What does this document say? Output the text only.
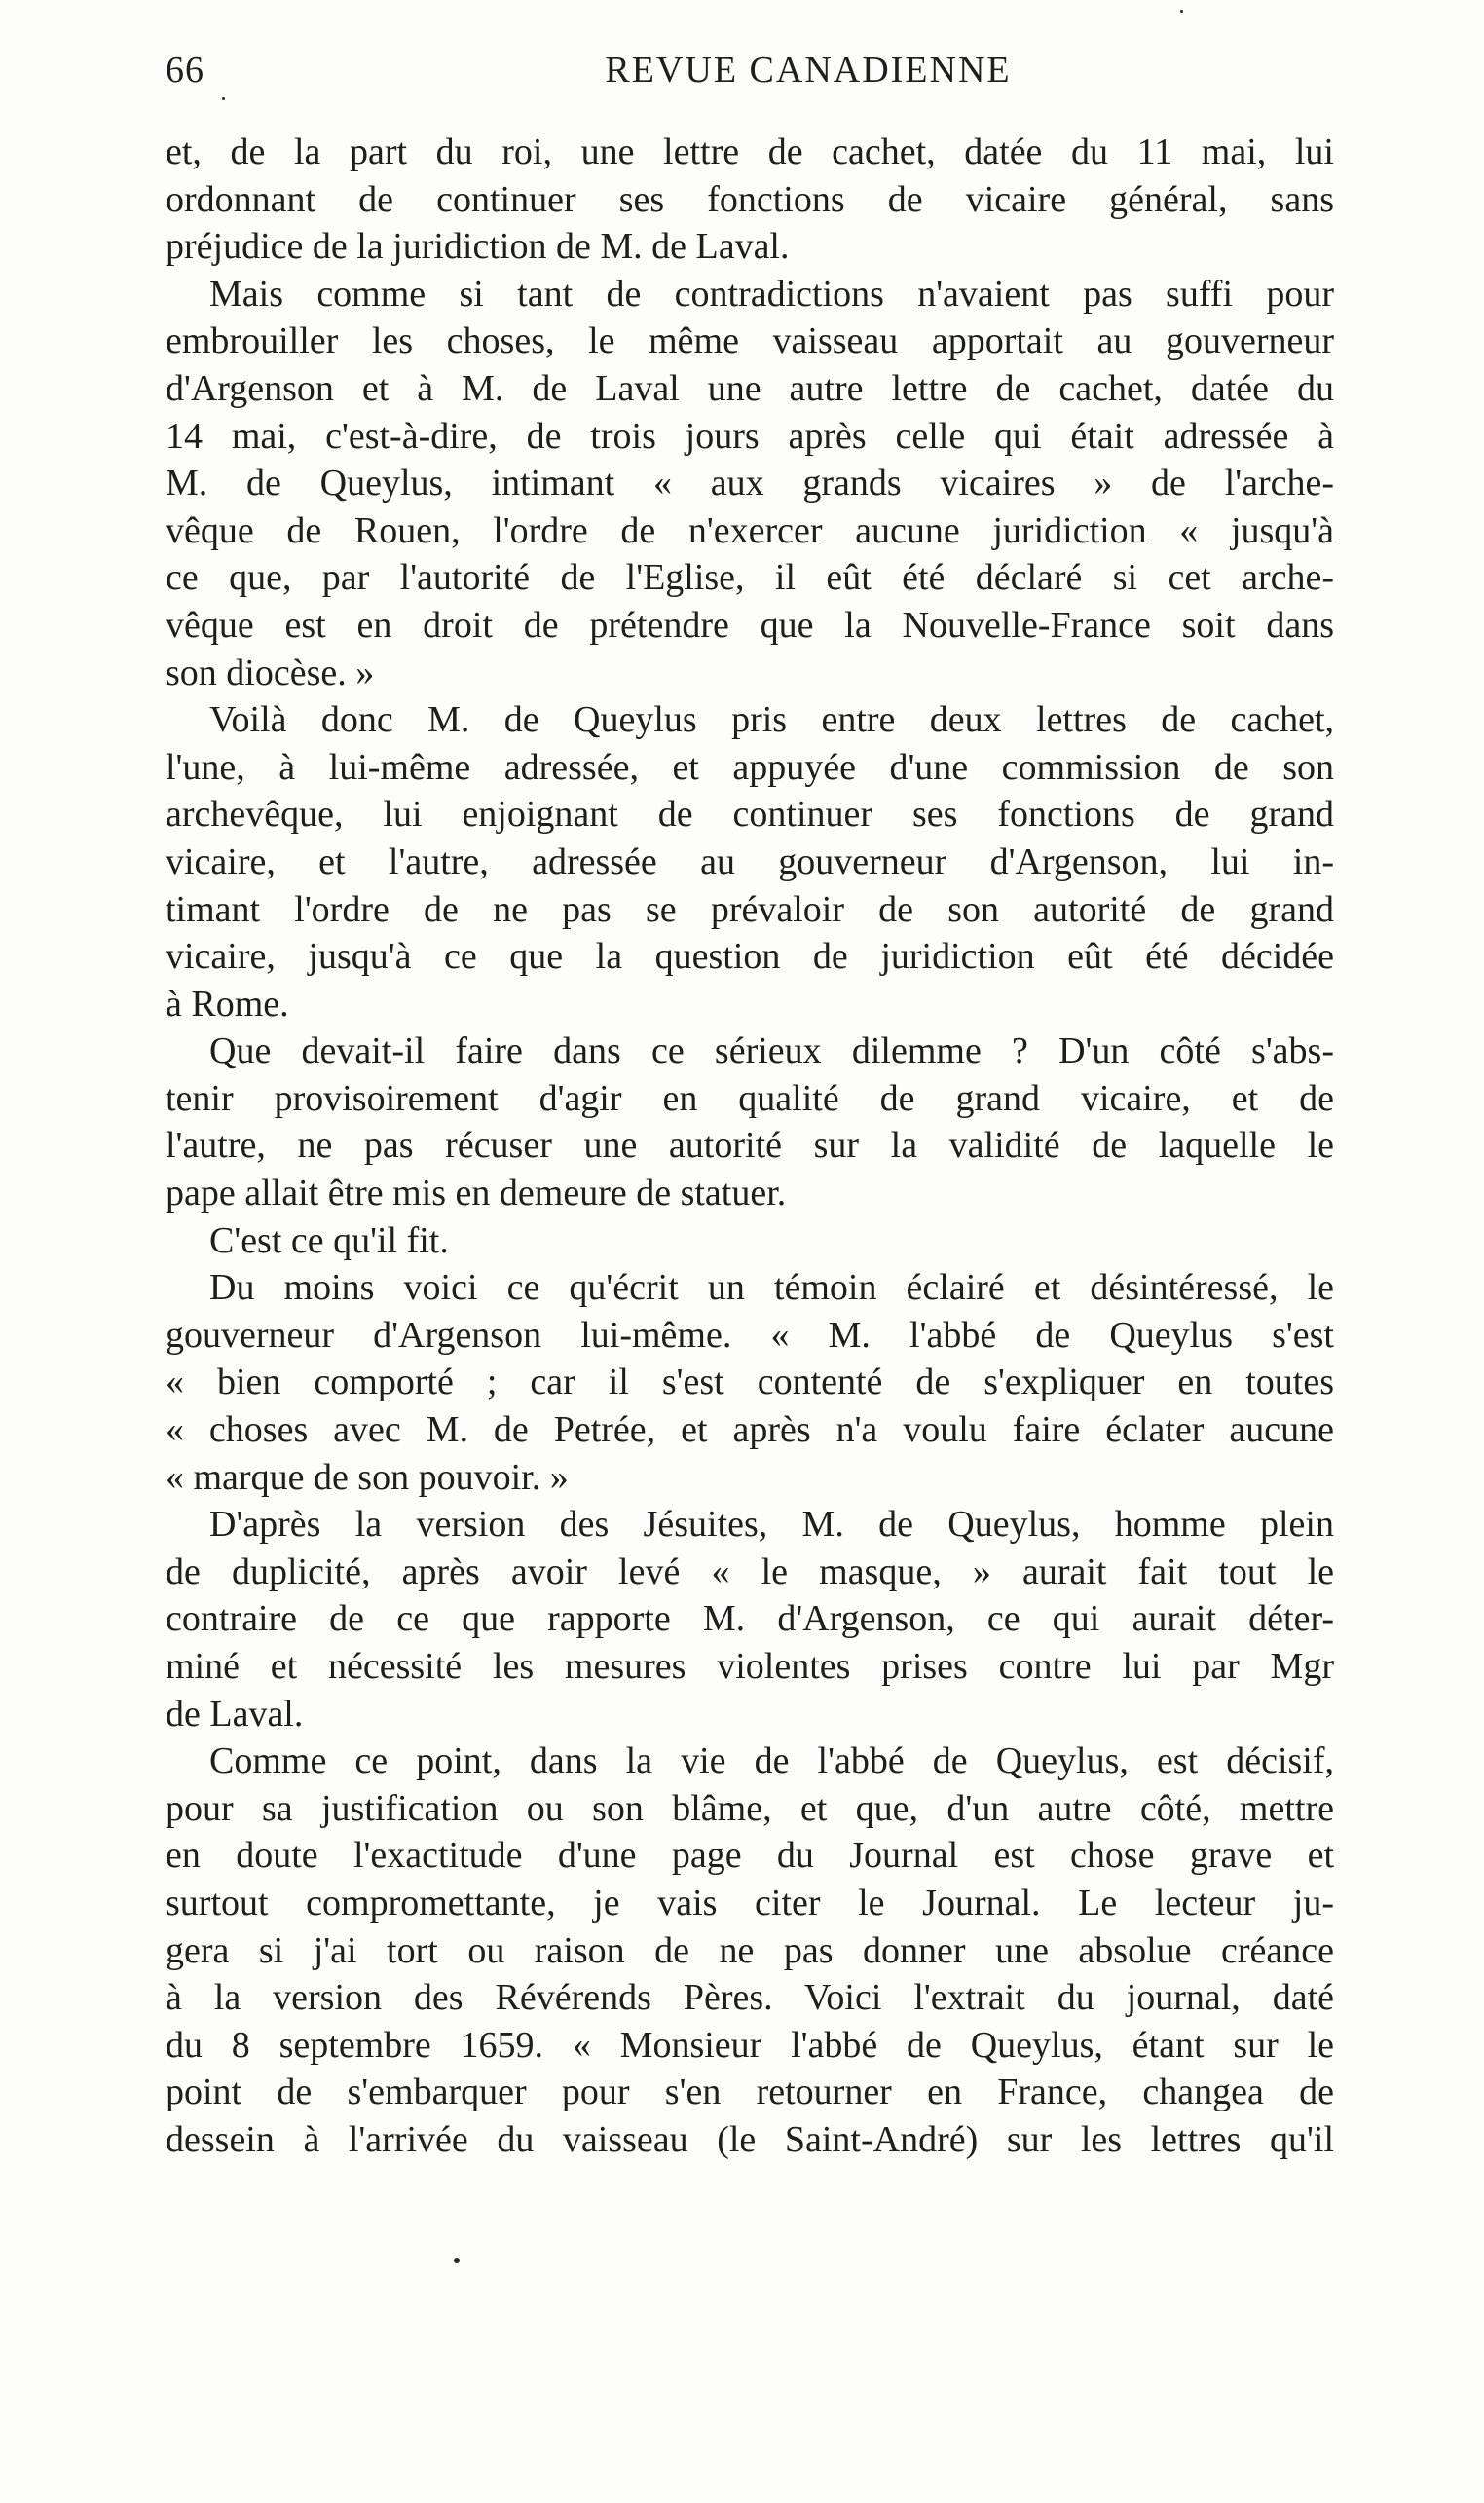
66	REVUE CANADIENNE
et, de la part du roi, une lettre de cachet, datée du 11 mai, lui
ordonnant de continuer ses fonctions de vicaire général, sans
préjudice de la juridiction de M. de Laval.
Mais comme si tant de contradictions n'avaient pas suffi pour
embrouiller les choses, le même vaisseau apportait au gouverneur
d'Argenson et à M. de Laval une autre lettre de cachet, datée du
14 mai, c'est-à-dire, de trois jours après celle qui était adressée à
M. de Queylus, intimant « aux grands vicaires » de l'arche-
vêque de Rouen, l'ordre de n'exercer aucune juridiction « jusqu'à
ce que, par l'autorité de l'Eglise, il eût été déclaré si cet arche-
vêque est en droit de prétendre que la Nouvelle-France soit dans
son diocèse. »
Voilà donc M. de Queylus pris entre deux lettres de cachet,
l'une, à lui-même adressée, et appuyée d'une commission de son
archevêque, lui enjoignant de continuer ses fonctions de grand
vicaire, et l'autre, adressée au gouverneur d'Argenson, lui in-
timant l'ordre de ne pas se prévaloir de son autorité de grand
vicaire, jusqu'à ce que la question de juridiction eût été décidée
à Rome.
Que devait-il faire dans ce sérieux dilemme ? D'un côté s'abs-
tenir provisoirement d'agir en qualité de grand vicaire, et de
l'autre, ne pas récuser une autorité sur la validité de laquelle le
pape allait être mis en demeure de statuer.
C'est ce qu'il fit.
Du moins voici ce qu'écrit un témoin éclairé et désintéressé, le
gouverneur d'Argenson lui-même. « M. l'abbé de Queylus s'est
« bien comporté ; car il s'est contenté de s'expliquer en toutes
« choses avec M. de Petrée, et après n'a voulu faire éclater aucune
« marque de son pouvoir. »
D'après la version des Jésuites, M. de Queylus, homme plein
de duplicité, après avoir levé « le masque, » aurait fait tout le
contraire de ce que rapporte M. d'Argenson, ce qui aurait déter-
miné et nécessité les mesures violentes prises contre lui par Mgr
de Laval.
Comme ce point, dans la vie de l'abbé de Queylus, est décisif,
pour sa justification ou son blâme, et que, d'un autre côté, mettre
en doute l'exactitude d'une page du Journal est chose grave et
surtout compromettante, je vais citer le Journal. Le lecteur ju-
gera si j'ai tort ou raison de ne pas donner une absolue créance
à la version des Révérends Pères. Voici l'extrait du journal, daté
du 8 septembre 1659. « Monsieur l'abbé de Queylus, étant sur le
point de s'embarquer pour s'en retourner en France, changea de
dessein à l'arrivée du vaisseau (le Saint-André) sur les lettres qu'il
